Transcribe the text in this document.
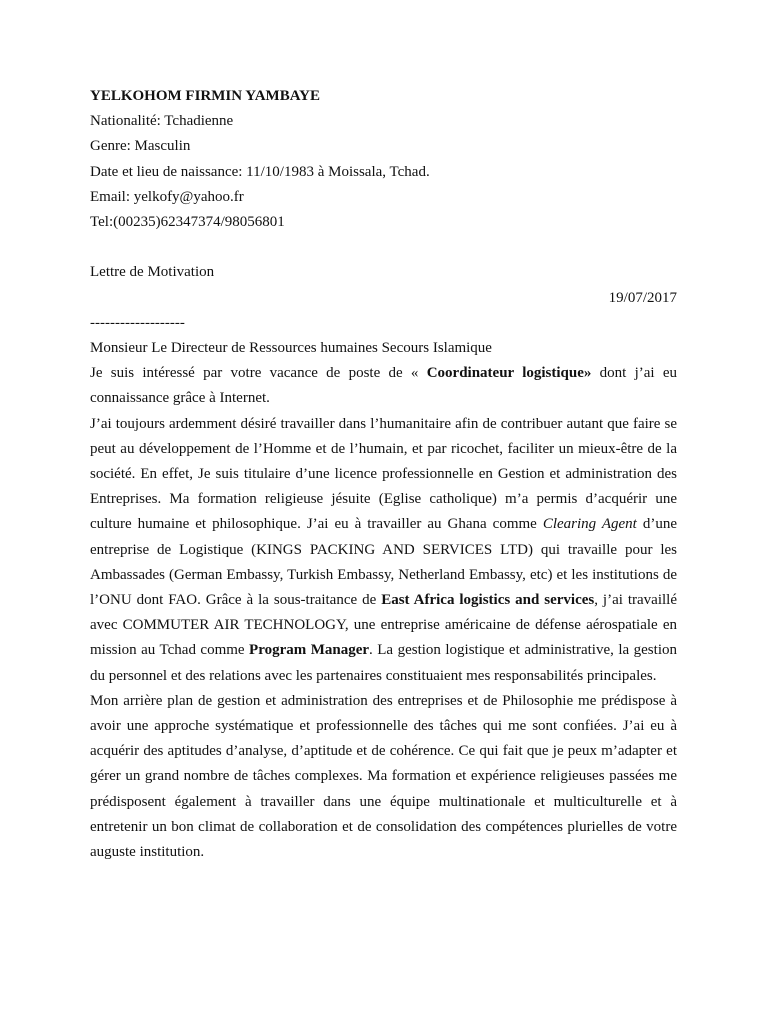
YELKOHOM FIRMIN YAMBAYE
Nationalité: Tchadienne
Genre: Masculin
Date et lieu de naissance: 11/10/1983 à Moissala, Tchad.
Email: yelkofy@yahoo.fr
Tel:(00235)62347374/98056801
Lettre de Motivation
19/07/2017
-------------------
Monsieur Le Directeur de Ressources humaines Secours Islamique

Je suis intéressé par votre vacance de poste de « Coordinateur logistique» dont j’ai eu connaissance grâce à Internet.

J’ai toujours ardemment désiré travailler dans l’humanitaire afin de contribuer autant que faire se peut au développement de l’Homme et de l’humain, et par ricochet, faciliter un mieux-être de la société. En effet, Je suis titulaire d’une licence professionnelle en Gestion et administration des Entreprises. Ma formation religieuse jésuite (Eglise catholique) m’a permis d’acquérir une culture humaine et philosophique. J’ai eu à travailler au Ghana comme Clearing Agent d’une entreprise de Logistique (KINGS PACKING AND SERVICES LTD) qui travaille pour les Ambassades (German Embassy, Turkish Embassy, Netherland Embassy, etc) et les institutions de l’ONU dont FAO. Grâce à la sous-traitance de East Africa logistics and services, j’ai travaillé avec COMMUTER AIR TECHNOLOGY, une entreprise américaine de défense aérospatiale en mission au Tchad comme Program Manager. La gestion logistique et administrative, la gestion du personnel et des relations avec les partenaires constituaient mes responsabilités principales.

Mon arrière plan de gestion et administration des entreprises et de Philosophie me prédispose à avoir une approche systématique et professionnelle des tâches qui me sont confiées. J’ai eu à acquérir des aptitudes d’analyse, d’aptitude et de cohérence. Ce qui fait que je peux m’adapter et gérer un grand nombre de tâches complexes. Ma formation et expérience religieuses passées me prédisposent également à travailler dans une équipe multinationale et multiculturelle et à entretenir un bon climat de collaboration et de consolidation des compétences plurielles de votre auguste institution.
